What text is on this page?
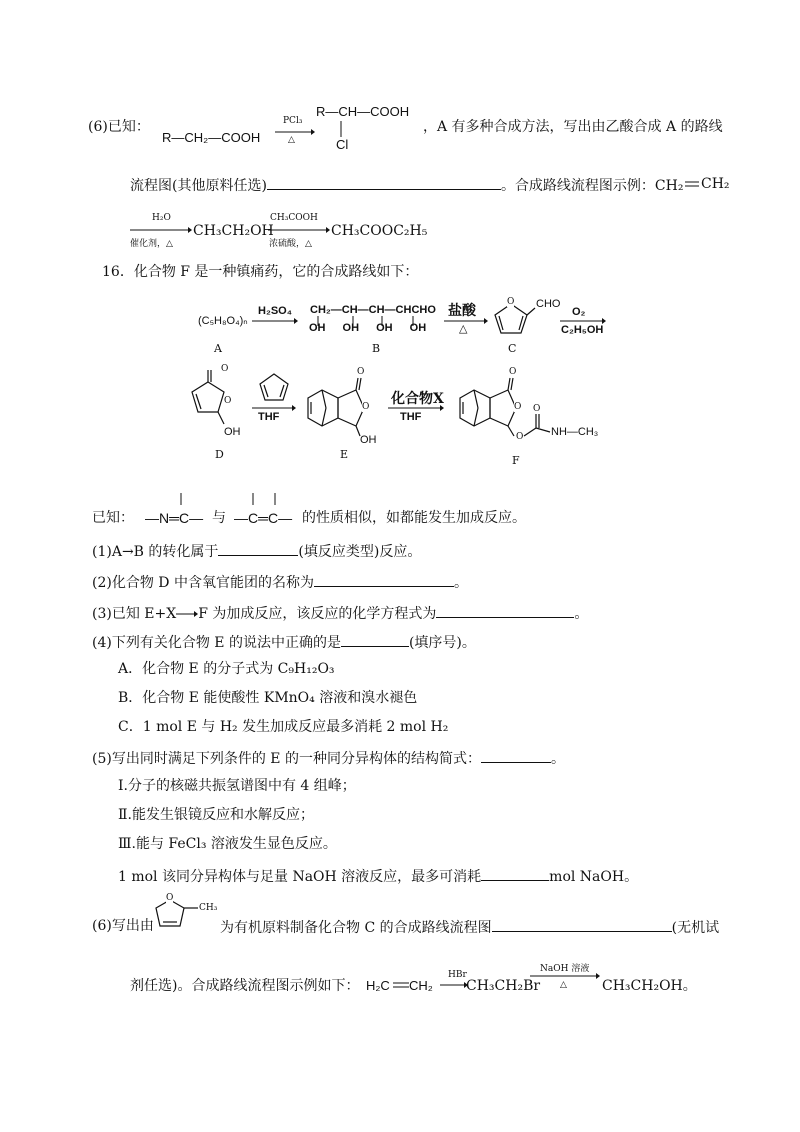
(6)已知：
R—CH₂—COOH
PCl₃
△
R—CH—COOH
Cl
，A 有多种合成方法，写出由乙酸合成 A 的路线
流程图(其他原料任选)	。合成路线流程图示例：CH₂ CH₂
H₂O
催化剂，△
CH₃CH₂OH
CH₃COOH
浓硫酸，△
CH₃COOC₂H₅
16．化合物 F 是一种镇痛药，它的合成路线如下：
(C₅H₈O₄)ₙ
A
H₂SO₄ CH₂—CH—CH—CHCHO
OH OH OH OH
B
盐酸
△
O CHO
C
O₂
C₂H₅OH
O
O
OH
D
THF
O
O
OH
E
化合物X
THF
O
O
O
O
NH—CH₃
F
已知： —N═C— 与 —C═C— 的性质相似，如都能发生加成反应。
(1)A→B 的转化属于	(填反应类型)反应。
(2)化合物 D 中含氧官能团的名称为	。
(3)已知 E+X F 为加成反应，该反应的化学方程式为	。
(4)下列有关化合物 E 的说法中正确的是	(填序号)。
A．化合物 E 的分子式为 C₉H₁₂O₃
B．化合物 E 能使酸性 KMnO₄ 溶液和溴水褪色
C．1 mol E 与 H₂ 发生加成反应最多消耗 2 mol H₂
(5)写出同时满足下列条件的 E 的一种同分异构体的结构简式：	。
Ⅰ.分子的核磁共振氢谱图中有 4 组峰；
Ⅱ.能发生银镜反应和水解反应；
Ⅲ.能与 FeCl₃ 溶液发生显色反应。
1 mol 该同分异构体与足量 NaOH 溶液反应，最多可消耗	mol NaOH。
(6)写出由
O
CH₃
为有机原料制备化合物 C 的合成路线流程图	(无机试
剂任选)。合成路线流程图示例如下： H₂C CH₂
HBr
CH₃CH₂Br
NaOH 溶液
△	CH₃CH₂OH。
